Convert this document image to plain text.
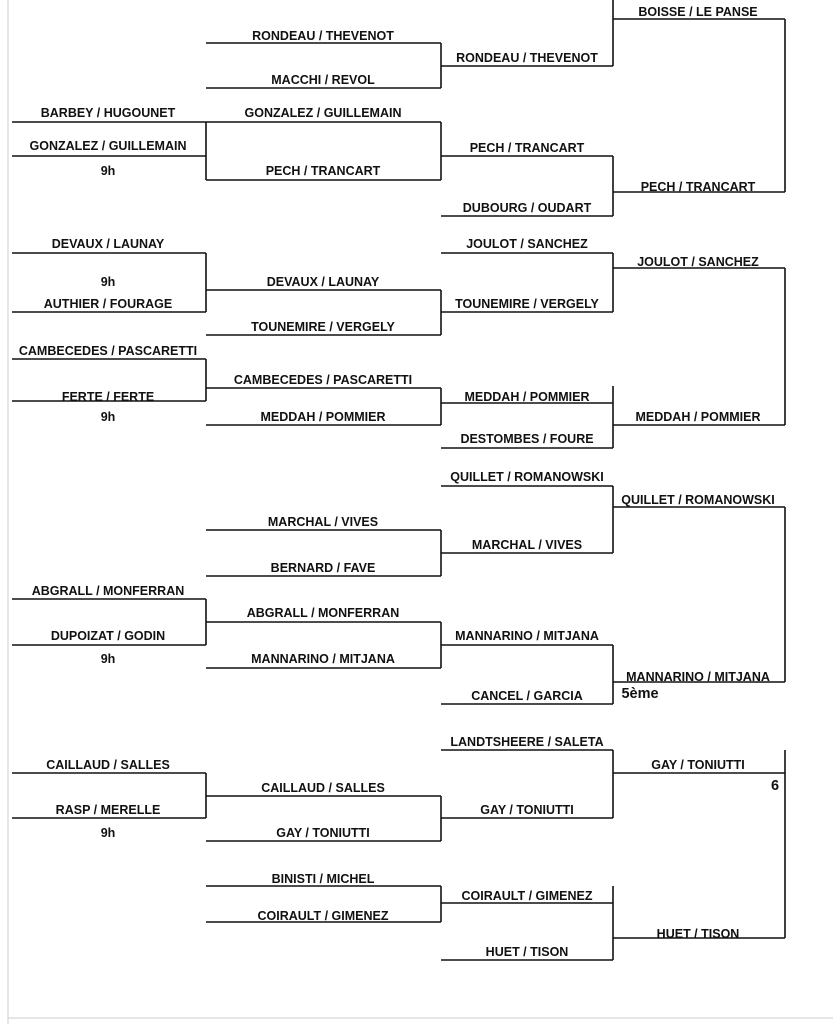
BOISSE / LE PANSE
RONDEAU / THEVENOT
RONDEAU / THEVENOT
MACCHI / REVOL
BARBEY / HUGOUNET	GONZALEZ / GUILLEMAIN
GONZALEZ / GUILLEMAIN
PECH / TRANCART
9h
PECH / TRANCART
PECH / TRANCART
DUBOURG / OUDART
DEVAUX / LAUNAY	JOULOT / SANCHEZ
JOULOT / SANCHEZ
9h	DEVAUX / LAUNAY
AUTHIER / FOURAGE	TOUNEMIRE / VERGELY
TOUNEMIRE / VERGELY
CAMBECEDES / PASCARETTI
CAMBECEDES / PASCARETTI
FERTE / FERTE	MEDDAH / POMMIER
9h	MEDDAH / POMMIER	MEDDAH / POMMIER
DESTOMBES / FOURE
QUILLET / ROMANOWSKI
QUILLET / ROMANOWSKI
MARCHAL / VIVES
MARCHAL / VIVES
BERNARD / FAVE
ABGRALL / MONFERRAN
ABGRALL / MONFERRAN
DUPOIZAT / GODIN	MANNARINO / MITJANA
9h	MANNARINO / MITJANA
MANNARINO / MITJANA
5ème
CANCEL / GARCIA
LANDTSHEERE / SALETA
GAY / TONIUTTI
CAILLAUD / SALLES
6
CAILLAUD / SALLES
RASP / MERELLE	GAY / TONIUTTI
9h	GAY / TONIUTTI
BINISTI / MICHEL
COIRAULT / GIMENEZ
COIRAULT / GIMENEZ
HUET / TISON
HUET / TISON
